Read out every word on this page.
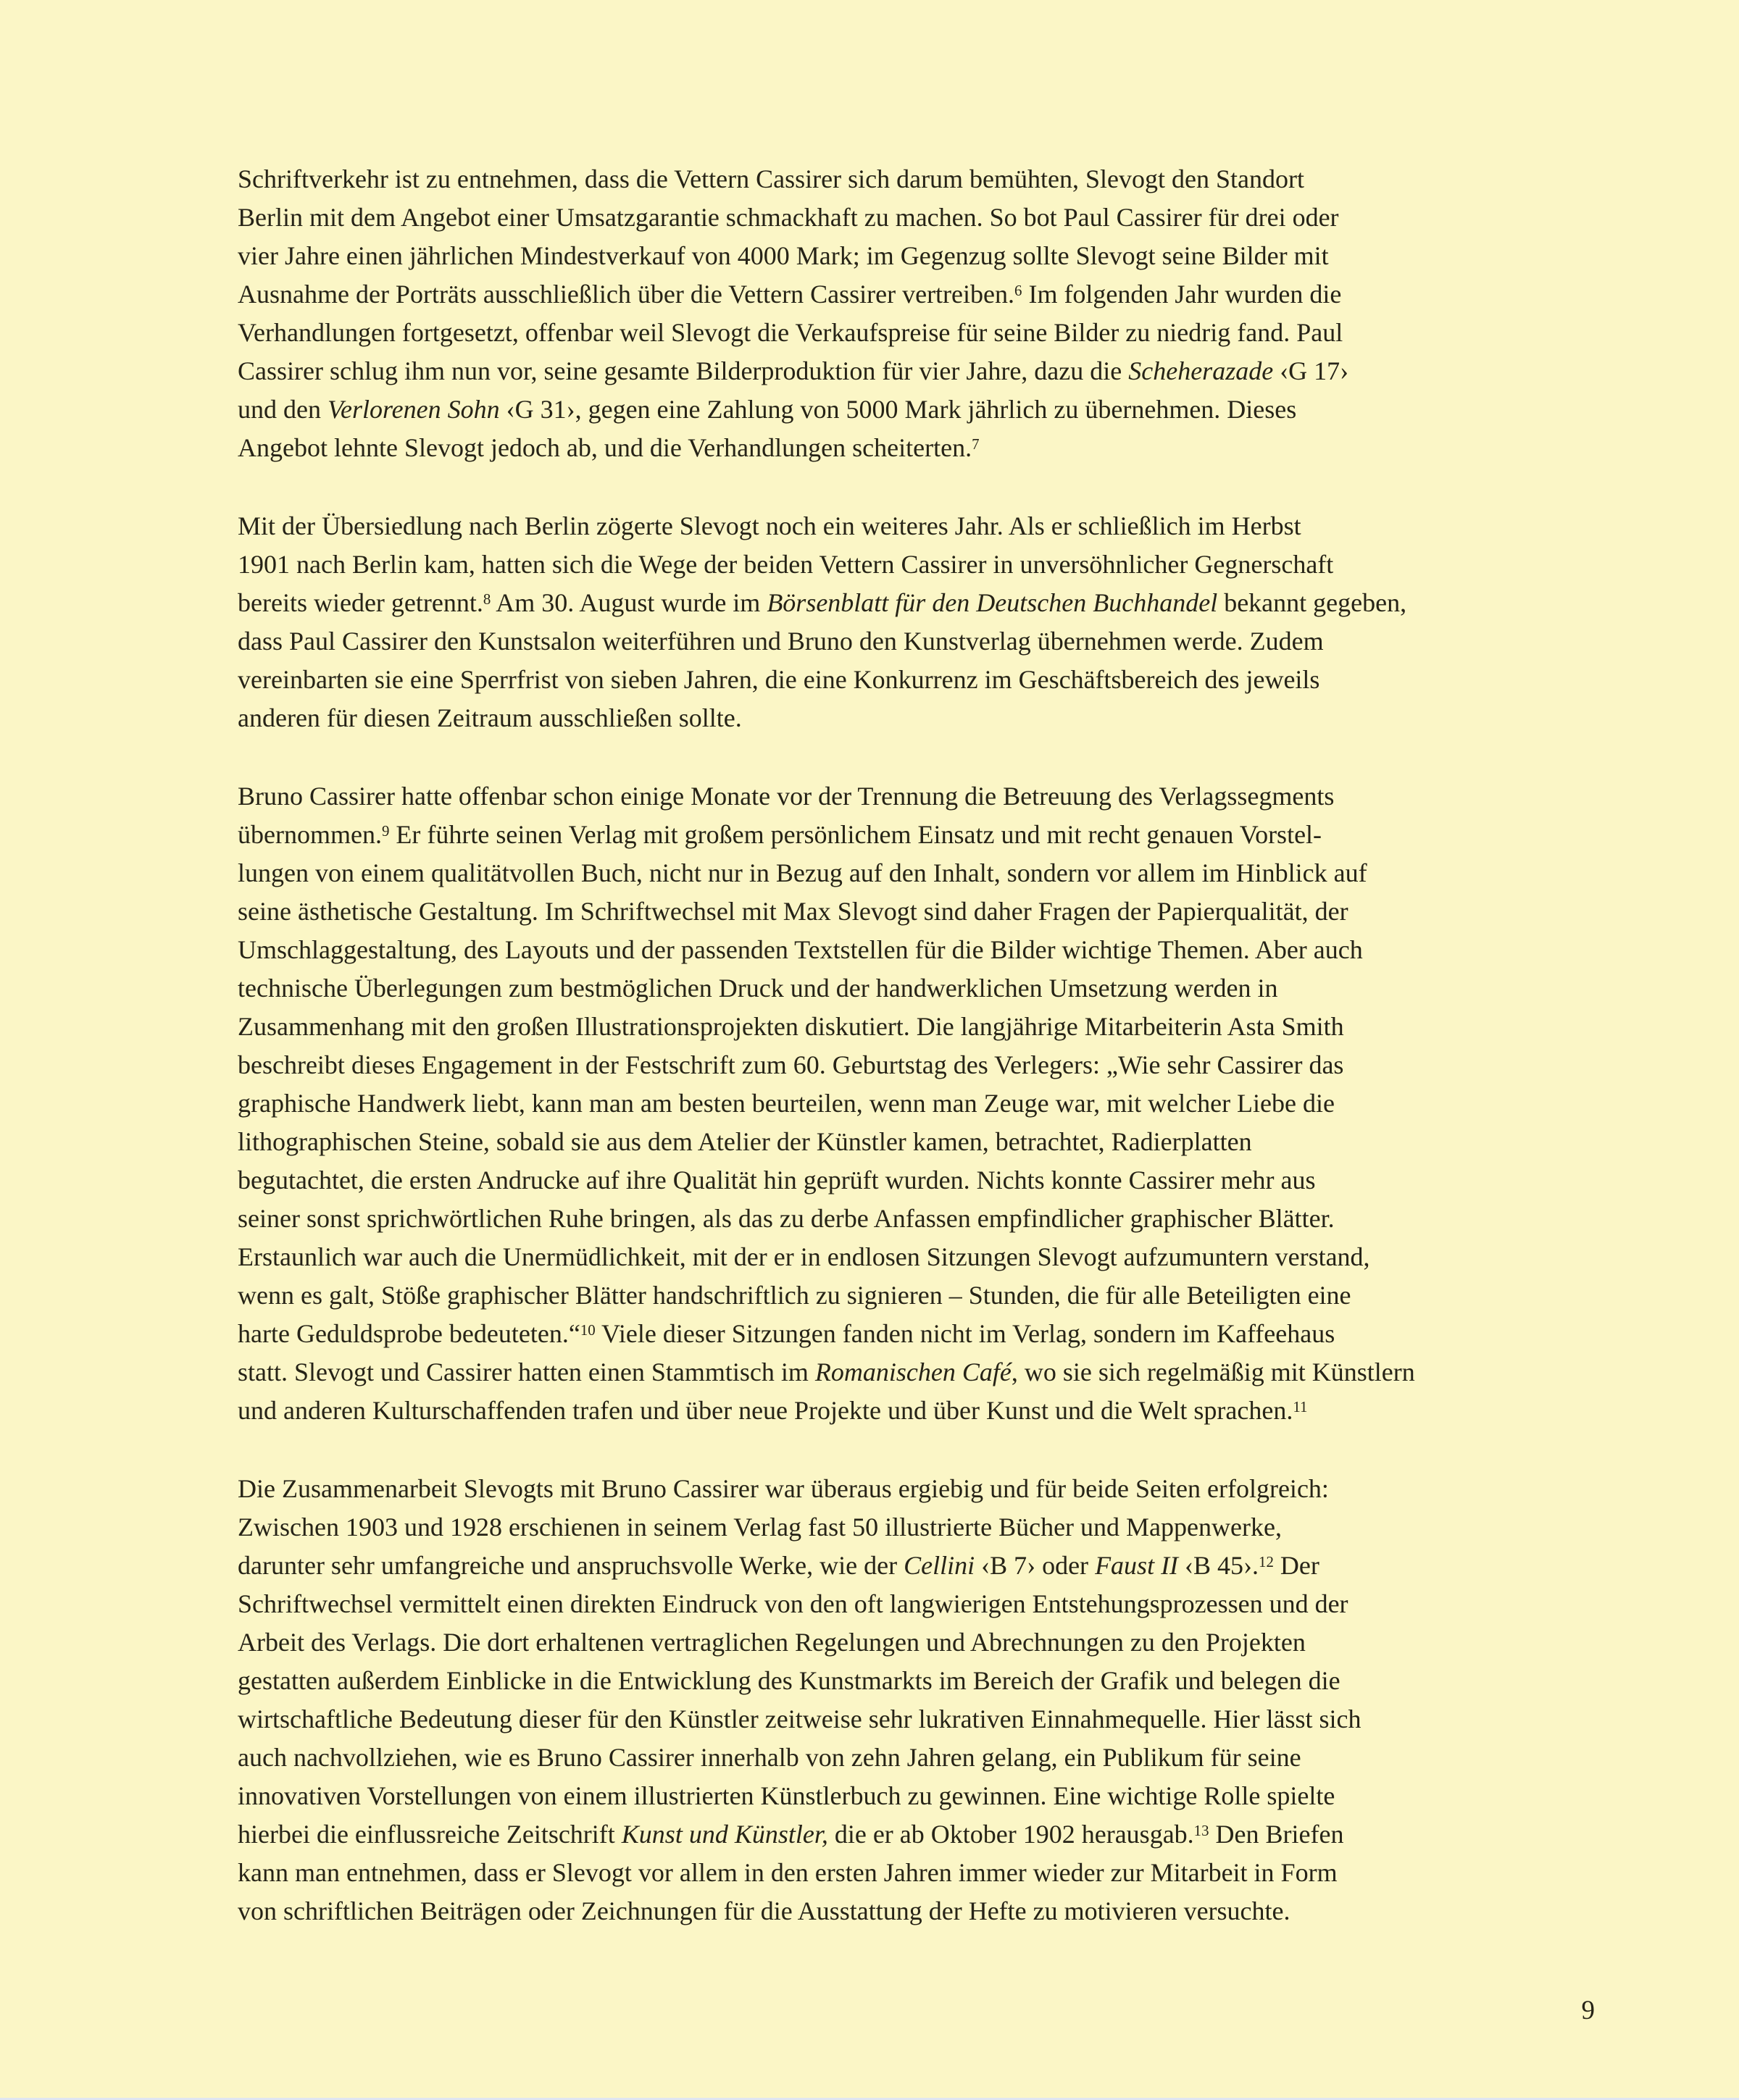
Schriftverkehr ist zu entnehmen, dass die Vettern Cassirer sich darum bemühten, Slevogt den Standort
Berlin mit dem Angebot einer Umsatzgarantie schmackhaft zu machen. So bot Paul Cassirer für drei oder
vier Jahre einen jährlichen Mindestverkauf von 4000 Mark; im Gegenzug sollte Slevogt seine Bilder mit
Ausnahme der Porträts ausschließlich über die Vettern Cassirer vertreiben.$^6$ Im folgenden Jahr wurden die
Verhandlungen fortgesetzt, offenbar weil Slevogt die Verkaufspreise für seine Bilder zu niedrig fand. Paul
Cassirer schlug ihm nun vor, seine gesamte Bilderproduktion für vier Jahre, dazu die Scheherazade ‹G 17›
und den Verlorenen Sohn ‹G 31›, gegen eine Zahlung von 5000 Mark jährlich zu übernehmen. Dieses
Angebot lehnte Slevogt jedoch ab, und die Verhandlungen scheiterten.$^7$
Mit der Übersiedlung nach Berlin zögerte Slevogt noch ein weiteres Jahr. Als er schließlich im Herbst
1901 nach Berlin kam, hatten sich die Wege der beiden Vettern Cassirer in unversöhnlicher Gegnerschaft
bereits wieder getrennt.$^8$ Am 30. August wurde im Börsenblatt für den Deutschen Buchhandel bekannt gegeben,
dass Paul Cassirer den Kunstsalon weiterführen und Bruno den Kunstverlag übernehmen werde. Zudem
vereinbarten sie eine Sperrfrist von sieben Jahren, die eine Konkurrenz im Geschäftsbereich des jeweils
anderen für diesen Zeitraum ausschließen sollte.
Bruno Cassirer hatte offenbar schon einige Monate vor der Trennung die Betreuung des Verlagssegments
übernommen.$^9$ Er führte seinen Verlag mit großem persönlichem Einsatz und mit recht genauen Vorstel-
lungen von einem qualitätvollen Buch, nicht nur in Bezug auf den Inhalt, sondern vor allem im Hinblick auf
seine ästhetische Gestaltung. Im Schriftwechsel mit Max Slevogt sind daher Fragen der Papierqualität, der
Umschlaggestaltung, des Layouts und der passenden Textstellen für die Bilder wichtige Themen. Aber auch
technische Überlegungen zum bestmöglichen Druck und der handwerklichen Umsetzung werden in
Zusammenhang mit den großen Illustrationsprojekten diskutiert. Die langjährige Mitarbeiterin Asta Smith
beschreibt dieses Engagement in der Festschrift zum 60. Geburtstag des Verlegers: „Wie sehr Cassirer das
graphische Handwerk liebt, kann man am besten beurteilen, wenn man Zeuge war, mit welcher Liebe die
lithographischen Steine, sobald sie aus dem Atelier der Künstler kamen, betrachtet, Radierplatten
begutachtet, die ersten Andrucke auf ihre Qualität hin geprüft wurden. Nichts konnte Cassirer mehr aus
seiner sonst sprichwörtlichen Ruhe bringen, als das zu derbe Anfassen empfindlicher graphischer Blätter.
Erstaunlich war auch die Unermüdlichkeit, mit der er in endlosen Sitzungen Slevogt aufzumuntern verstand,
wenn es galt, Stöße graphischer Blätter handschriftlich zu signieren – Stunden, die für alle Beteiligten eine
harte Geduldsprobe bedeuteten.“$^{10}$ Viele dieser Sitzungen fanden nicht im Verlag, sondern im Kaffeehaus
statt. Slevogt und Cassirer hatten einen Stammtisch im Romanischen Café, wo sie sich regelmäßig mit Künstlern
und anderen Kulturschaffenden trafen und über neue Projekte und über Kunst und die Welt sprachen.$^{11}$
Die Zusammenarbeit Slevogts mit Bruno Cassirer war überaus ergiebig und für beide Seiten erfolgreich:
Zwischen 1903 und 1928 erschienen in seinem Verlag fast 50 illustrierte Bücher und Mappenwerke,
darunter sehr umfangreiche und anspruchsvolle Werke, wie der Cellini ‹B 7› oder Faust II ‹B 45›.$^{12}$ Der
Schriftwechsel vermittelt einen direkten Eindruck von den oft langwierigen Entstehungsprozessen und der
Arbeit des Verlags. Die dort erhaltenen vertraglichen Regelungen und Abrechnungen zu den Projekten
gestatten außerdem Einblicke in die Entwicklung des Kunstmarkts im Bereich der Grafik und belegen die
wirtschaftliche Bedeutung dieser für den Künstler zeitweise sehr lukrativen Einnahmequelle. Hier lässt sich
auch nachvollziehen, wie es Bruno Cassirer innerhalb von zehn Jahren gelang, ein Publikum für seine
innovativen Vorstellungen von einem illustrierten Künstlerbuch zu gewinnen. Eine wichtige Rolle spielte
hierbei die einflussreiche Zeitschrift Kunst und Künstler, die er ab Oktober 1902 herausgab.$^{13}$ Den Briefen
kann man entnehmen, dass er Slevogt vor allem in den ersten Jahren immer wieder zur Mitarbeit in Form
von schriftlichen Beiträgen oder Zeichnungen für die Ausstattung der Hefte zu motivieren versuchte.
9
